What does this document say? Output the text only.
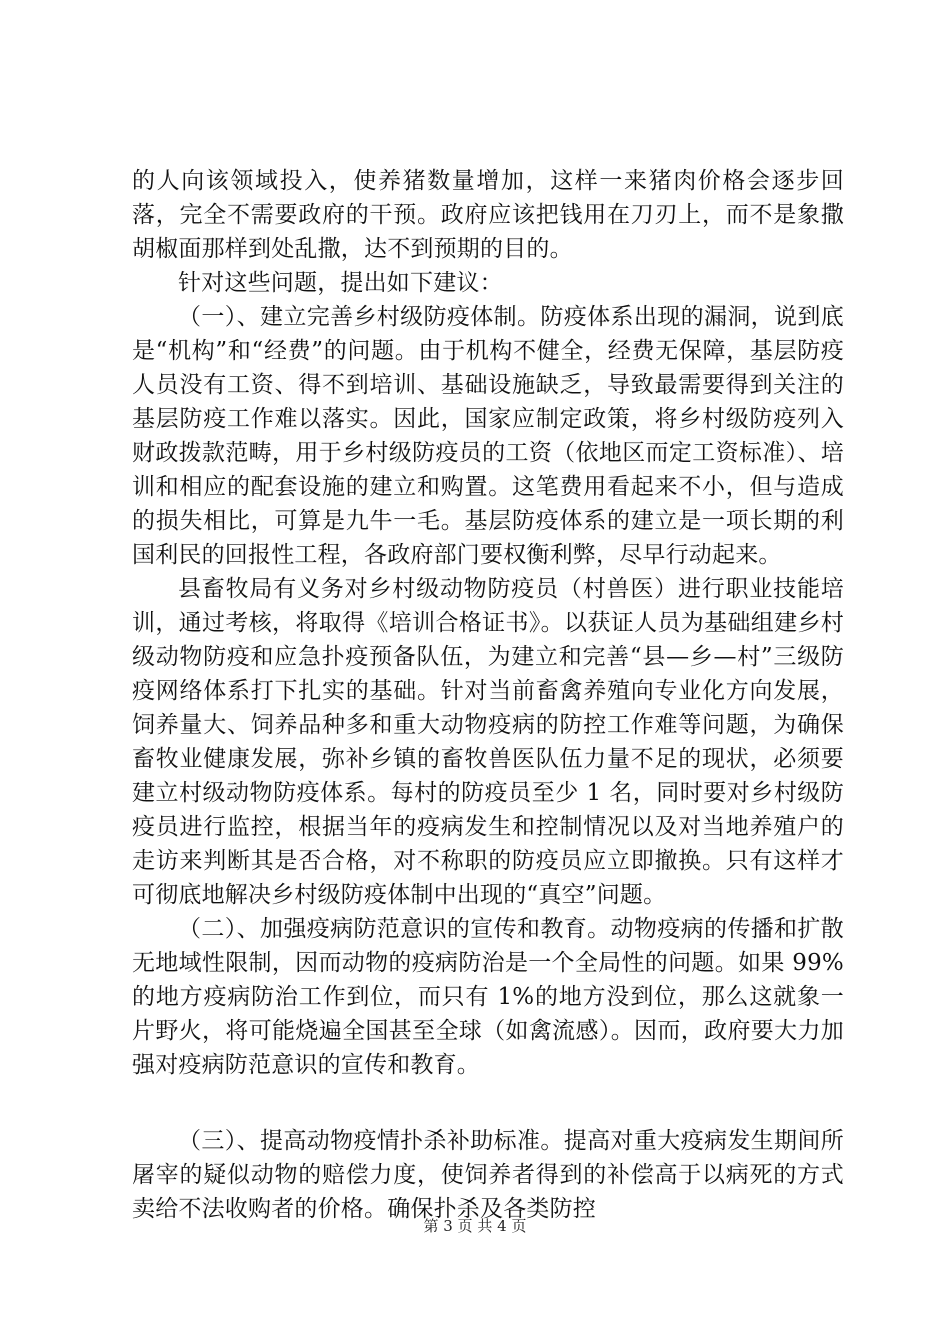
的人向该领域投入，使养猪数量增加，这样一来猪肉价格会逐步回落，完全不需要政府的干预。政府应该把钱用在刀刃上，而不是象撒胡椒面那样到处乱撒，达不到预期的目的。

针对这些问题，提出如下建议：

（一）、建立完善乡村级防疫体制。防疫体系出现的漏洞，说到底是“机构”和“经费”的问题。由于机构不健全，经费无保障，基层防疫人员没有工资、得不到培训、基础设施缺乏，导致最需要得到关注的基层防疫工作难以落实。因此，国家应制定政策，将乡村级防疫列入财政拨款范畴，用于乡村级防疫员的工资（依地区而定工资标准）、培训和相应的配套设施的建立和购置。这笔费用看起来不小，但与造成的损失相比，可算是九牛一毛。基层防疫体系的建立是一项长期的利国利民的回报性工程，各政府部门要权衡利弊，尽早行动起来。

县畜牧局有义务对乡村级动物防疫员（村兽医）进行职业技能培训，通过考核，将取得《培训合格证书》。以获证人员为基础组建乡村级动物防疫和应急扑疫预备队伍，为建立和完善“县—乡—村”三级防疫网络体系打下扎实的基础。针对当前畜禽养殖向专业化方向发展，饲养量大、饲养品种多和重大动物疫病的防控工作难等问题，为确保畜牧业健康发展，弥补乡镇的畜牧兽医队伍力量不足的现状，必须要建立村级动物防疫体系。每村的防疫员至少 1 名，同时要对乡村级防疫员进行监控，根据当年的疫病发生和控制情况以及对当地养殖户的走访来判断其是否合格，对不称职的防疫员应立即撤换。只有这样才可彻底地解决乡村级防疫体制中出现的“真空”问题。

（二）、加强疫病防范意识的宣传和教育。动物疫病的传播和扩散无地域性限制，因而动物的疫病防治是一个全局性的问题。如果 99%的地方疫病防治工作到位，而只有 1%的地方没到位，那么这就象一片野火，将可能烧遍全国甚至全球（如禽流感）。因而，政府要大力加强对疫病防范意识的宣传和教育。

（三）、提高动物疫情扑杀补助标准。提高对重大疫病发生期间所屠宰的疑似动物的赔偿力度，使饲养者得到的补偿高于以病死的方式卖给不法收购者的价格。确保扑杀及各类防控

第 3 页 共 4 页
